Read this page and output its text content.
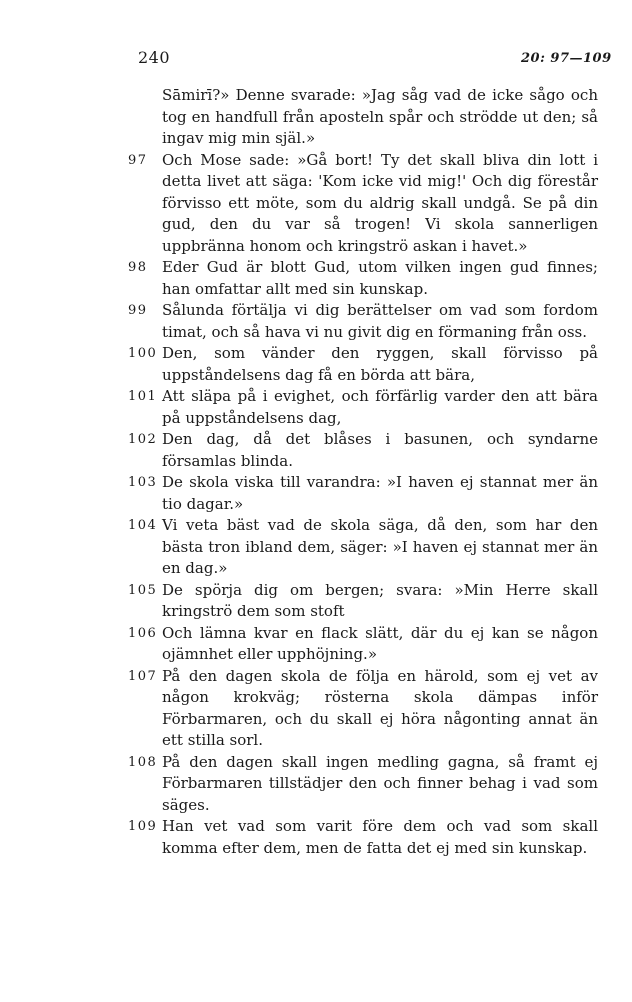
240	20: 97—109
Sāmirī?» Denne svarade: »Jag såg vad de icke sågo och tog en handfull från aposteln spår och strödde ut den; så ingav mig min själ.»
97 Och Mose sade: »Gå bort! Ty det skall bliva din lott i detta livet att säga: 'Kom icke vid mig!' Och dig förestår förvisso ett möte, som du aldrig skall undgå. Se på din gud, den du var så trogen! Vi skola sannerligen uppbränna honom och kringströ askan i havet.»
98 Eder Gud är blott Gud, utom vilken ingen gud finnes; han omfattar allt med sin kunskap.
99 Sålunda förtälja vi dig berättelser om vad som fordom timat, och så hava vi nu givit dig en förmaning från oss.
100 Den, som vänder den ryggen, skall förvisso på uppståndelsens dag få en börda att bära,
101 Att släpa på i evighet, och förfärlig varder den att bära på uppståndelsens dag,
102 Den dag, då det blåses i basunen, och syndarne församlas blinda.
103 De skola viska till varandra: »I haven ej stannat mer än tio dagar.»
104 Vi veta bäst vad de skola säga, då den, som har den bästa tron ibland dem, säger: »I haven ej stannat mer än en dag.»
105 De spörja dig om bergen; svara: »Min Herre skall kringströ dem som stoft
106 Och lämna kvar en flack slätt, där du ej kan se någon ojämnhet eller upphöjning.»
107 På den dagen skola de följa en härold, som ej vet av någon krokväg; rösterna skola dämpas inför Förbarmaren, och du skall ej höra någonting annat än ett stilla sorl.
108 På den dagen skall ingen medling gagna, så framt ej Förbarmaren tillstädjer den och finner behag i vad som säges.
109 Han vet vad som varit före dem och vad som skall komma efter dem, men de fatta det ej med sin kunskap.
